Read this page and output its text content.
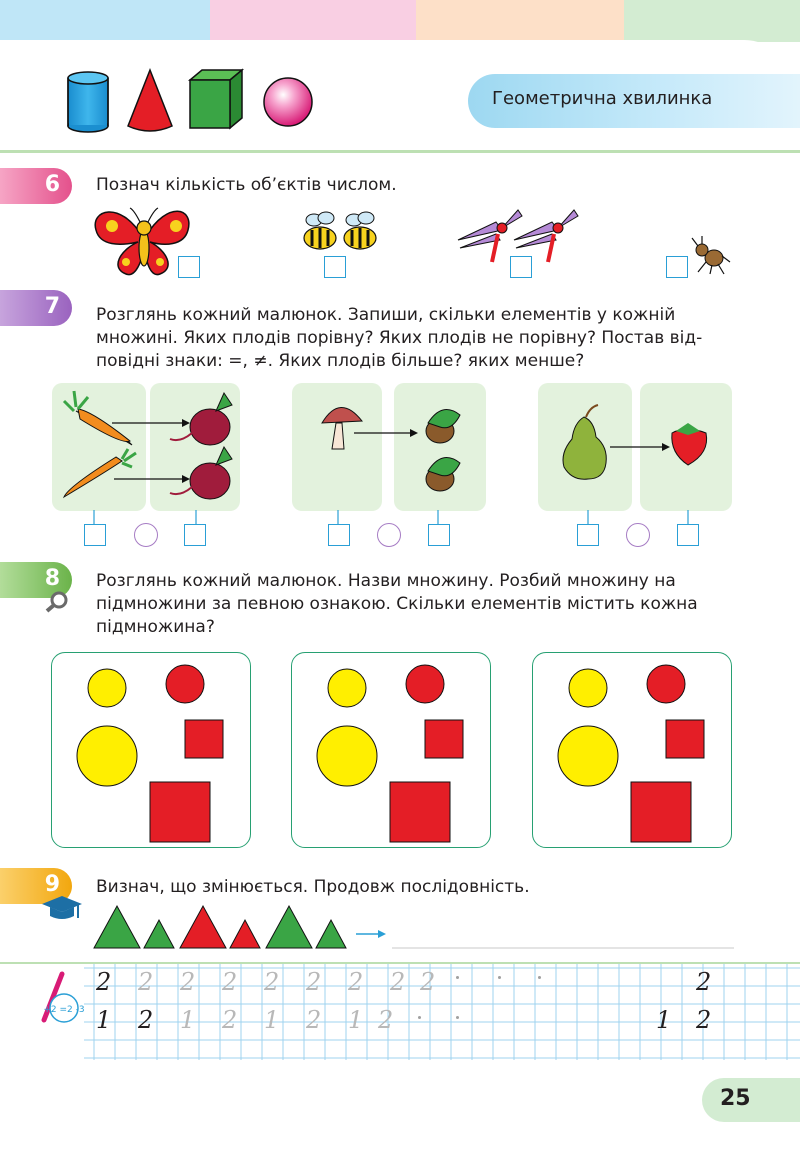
Геометрична хвилинка
6 Познач кількість об’єктів числом.
7 Розглянь кожний малюнок. Запиши, скільки елементів у кожній
множині. Яких плодів порівну? Яких плодів не порівну? Постав від-
повідні знаки: =, ≠. Яких плодів більше? яких менше?
8 Розглянь кожний малюнок. Назви множину. Розбий множину на
підмножини за певною ознакою. Скільки елементів містить кожна
підмножина?
9 Визнач, що змінюється. Продовж послідовність.
+2 =2 -3
2 2 2 2 2 2 2 2 2	2
1 2 1 2 1 2 1 2	1 2
25
